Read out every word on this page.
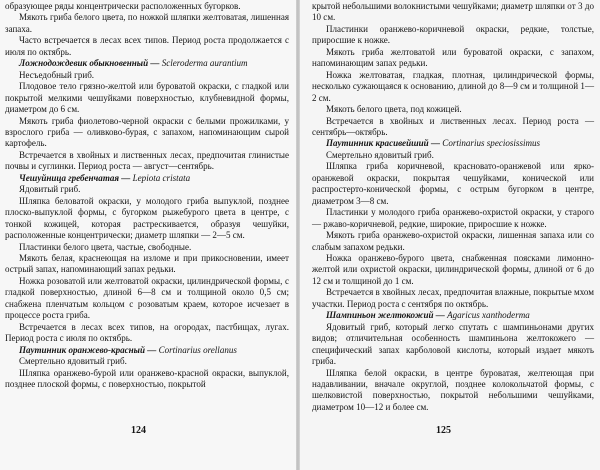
образующее ряды концентрически расположенных бугорков.

Мякоть гриба белого цвета, по ножкой шляпки желтоватая, лишенная запаха.

Часто встречается в лесах всех типов. Период роста продолжается с июля по октябрь.

Ложнодождевик обыкновенный — Scleroderma aurantium

Несъедобный гриб.

Плодовое тело грязно-желтой или буроватой окраски, с гладкой или покрытой мелкими чешуйками поверхностью, клубневидной формы, диаметром до 6 см.

Мякоть гриба фиолетово-черной окраски с белыми прожилками, у взрослого гриба — оливково-бурая, с запахом, напоминающим сырой картофель.

Встречается в хвойных и лиственных лесах, предпочитая глинистые почвы и суглинки. Период роста — август—сентябрь.

Чешуйница гребенчатая — Lepiota cristata

Ядовитый гриб.

Шляпка беловатой окраски, у молодого гриба выпуклой, позднее плоско-выпуклой формы, с бугорком рыжебурого цвета в центре, с тонкой кожицей, которая растрескивается, образуя чешуйки, расположенные концентрически; диаметр шляпки — 2—5 см.

Пластинки белого цвета, частые, свободные.

Мякоть белая, краснеющая на изломе и при прикосновении, имеет острый запах, напоминающий запах редьки.

Ножка розоватой или желтоватой окраски, цилиндрической формы, с гладкой поверхностью, длиной 6—8 см и толщиной около 0,5 см; снабжена пленчатым кольцом с розоватым краем, которое исчезает в процессе роста гриба.

Встречается в лесах всех типов, на огородах, пастбищах, лугах. Период роста с июля по октябрь.

Паутинник оранжево-красный — Cortinarius orellanus

Смертельно ядовитый гриб.

Шляпка оранжево-бурой или оранжево-красной окраски, выпуклой, позднее плоской формы, с поверхностью, покрытой

124

крытой небольшими волокнистыми чешуйками; диаметр шляпки от 3 до 10 см.

Пластинки оранжево-коричневой окраски, редкие, толстые, приросшие к ножке.

Мякоть гриба желтоватой или буроватой окраски, с запахом, напоминающим запах редьки.

Ножка желтоватая, гладкая, плотная, цилиндрической формы, несколько сужающаяся к основанию, длиной до 8—9 см и толщиной 1—2 см.

Мякоть белого цвета, под кожицей.

Встречается в хвойных и лиственных лесах. Период роста — сентябрь—октябрь.

Паутинник красивейший — Cortinarius speciosissimus

Смертельно ядовитый гриб.

Шляпка гриба коричневой, красновато-оранжевой или ярко-оранжевой окраски, покрытая чешуйками, конической или распростерто-конической формы, с острым бугорком в центре, диаметром 3—8 см.

Пластинки у молодого гриба оранжево-охристой окраски, у старого — ржаво-коричневой, редкие, широкие, приросшие к ножке.

Мякоть гриба оранжево-охристой окраски, лишенная запаха или со слабым запахом редьки.

Ножка оранжево-бурого цвета, снабженная поясками лимонно-желтой или охристой окраски, цилиндрической формы, длиной от 6 до 12 см и толщиной до 1 см.

Встречается в хвойных лесах, предпочитая влажные, покрытые мхом участки. Период роста с сентября по октябрь.

Шампиньон желтокожий — Agaricus xanthoderma

Ядовитый гриб, который легко спутать с шампиньонами других видов; отличительная особенность шампиньона желтокожего — специфический запах карболовой кислоты, который издает мякоть гриба.

Шляпка белой окраски, в центре буроватая, желтеющая при надавливании, вначале округлой, позднее колокольчатой формы, с шелковистой поверхностью, покрытой небольшими чешуйками, диаметром 10—12 и более см.

125
